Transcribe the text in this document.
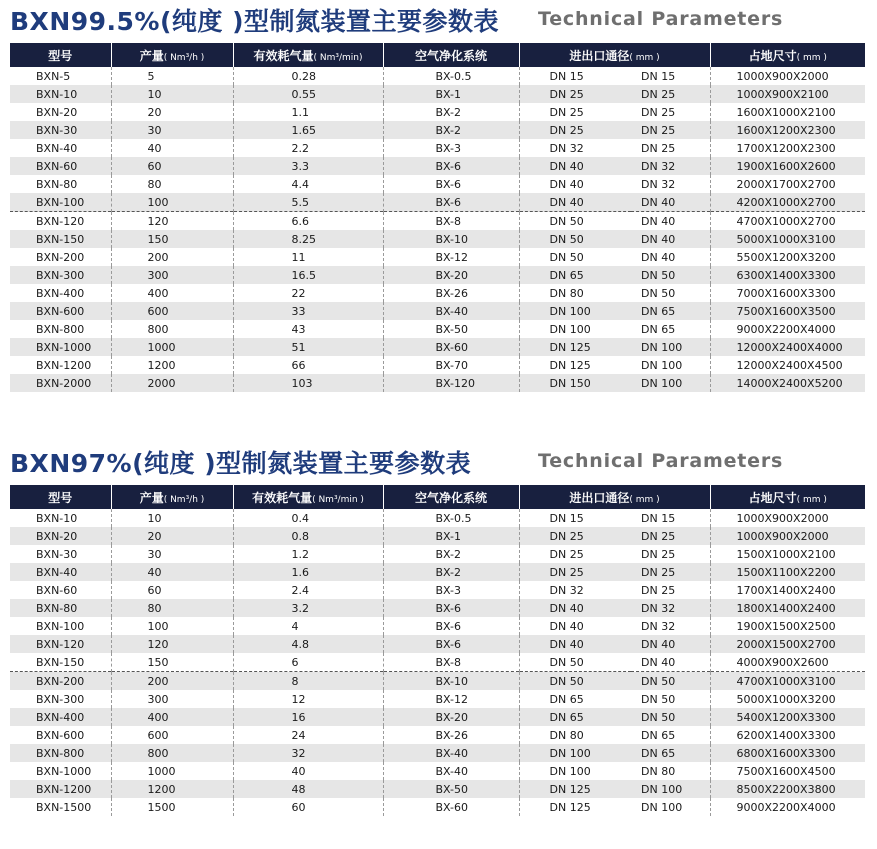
BXN99.5%(纯度 )型制氮装置主要参数表 Technical Parameters
型号	产量( Nm³/h )	有效耗气量( Nm³/min)	空气净化系统	进出口通径( mm )		占地尺寸( mm )
BXN-5	5	0.28	BX-0.5	DN 15	DN 15	1000X900X2000
BXN-10	10	0.55	BX-1	DN 25	DN 25	1000X900X2100
BXN-20	20	1.1	BX-2	DN 25	DN 25	1600X1000X2100
BXN-30	30	1.65	BX-2	DN 25	DN 25	1600X1200X2300
BXN-40	40	2.2	BX-3	DN 32	DN 25	1700X1200X2300
BXN-60	60	3.3	BX-6	DN 40	DN 32	1900X1600X2600
BXN-80	80	4.4	BX-6	DN 40	DN 32	2000X1700X2700
BXN-100	100	5.5	BX-6	DN 40	DN 40	4200X1000X2700
BXN-120	120	6.6	BX-8	DN 50	DN 40	4700X1000X2700
BXN-150	150	8.25	BX-10	DN 50	DN 40	5000X1000X3100
BXN-200	200	11	BX-12	DN 50	DN 40	5500X1200X3200
BXN-300	300	16.5	BX-20	DN 65	DN 50	6300X1400X3300
BXN-400	400	22	BX-26	DN 80	DN 50	7000X1600X3300
BXN-600	600	33	BX-40	DN 100	DN 65	7500X1600X3500
BXN-800	800	43	BX-50	DN 100	DN 65	9000X2200X4000
BXN-1000	1000	51	BX-60	DN 125	DN 100	12000X2400X4000
BXN-1200	1200	66	BX-70	DN 125	DN 100	12000X2400X4500
BXN-2000	2000	103	BX-120	DN 150	DN 100	14000X2400X5200
BXN97%(纯度 )型制氮装置主要参数表	Technical Parameters
型号	产量( Nm³/h )	有效耗气量( Nm³/min )	空气净化系统	进出口通径( mm )		占地尺寸( mm )
BXN-10	10	0.4	BX-0.5	DN 15	DN 15	1000X900X2000
BXN-20	20	0.8	BX-1	DN 25	DN 25	1000X900X2000
BXN-30	30	1.2	BX-2	DN 25	DN 25	1500X1000X2100
BXN-40	40	1.6	BX-2	DN 25	DN 25	1500X1100X2200
BXN-60	60	2.4	BX-3	DN 32	DN 25	1700X1400X2400
BXN-80	80	3.2	BX-6	DN 40	DN 32	1800X1400X2400
BXN-100	100	4	BX-6	DN 40	DN 32	1900X1500X2500
BXN-120	120	4.8	BX-6	DN 40	DN 40	2000X1500X2700
BXN-150	150	6	BX-8	DN 50	DN 40	4000X900X2600
BXN-200	200	8	BX-10	DN 50	DN 50	4700X1000X3100
BXN-300	300	12	BX-12	DN 65	DN 50	5000X1000X3200
BXN-400	400	16	BX-20	DN 65	DN 50	5400X1200X3300
BXN-600	600	24	BX-26	DN 80	DN 65	6200X1400X3300
BXN-800	800	32	BX-40	DN 100	DN 65	6800X1600X3300
BXN-1000	1000	40	BX-40	DN 100	DN 80	7500X1600X4500
BXN-1200	1200	48	BX-50	DN 125	DN 100	8500X2200X3800
BXN-1500	1500	60	BX-60	DN 125	DN 100	9000X2200X4000
